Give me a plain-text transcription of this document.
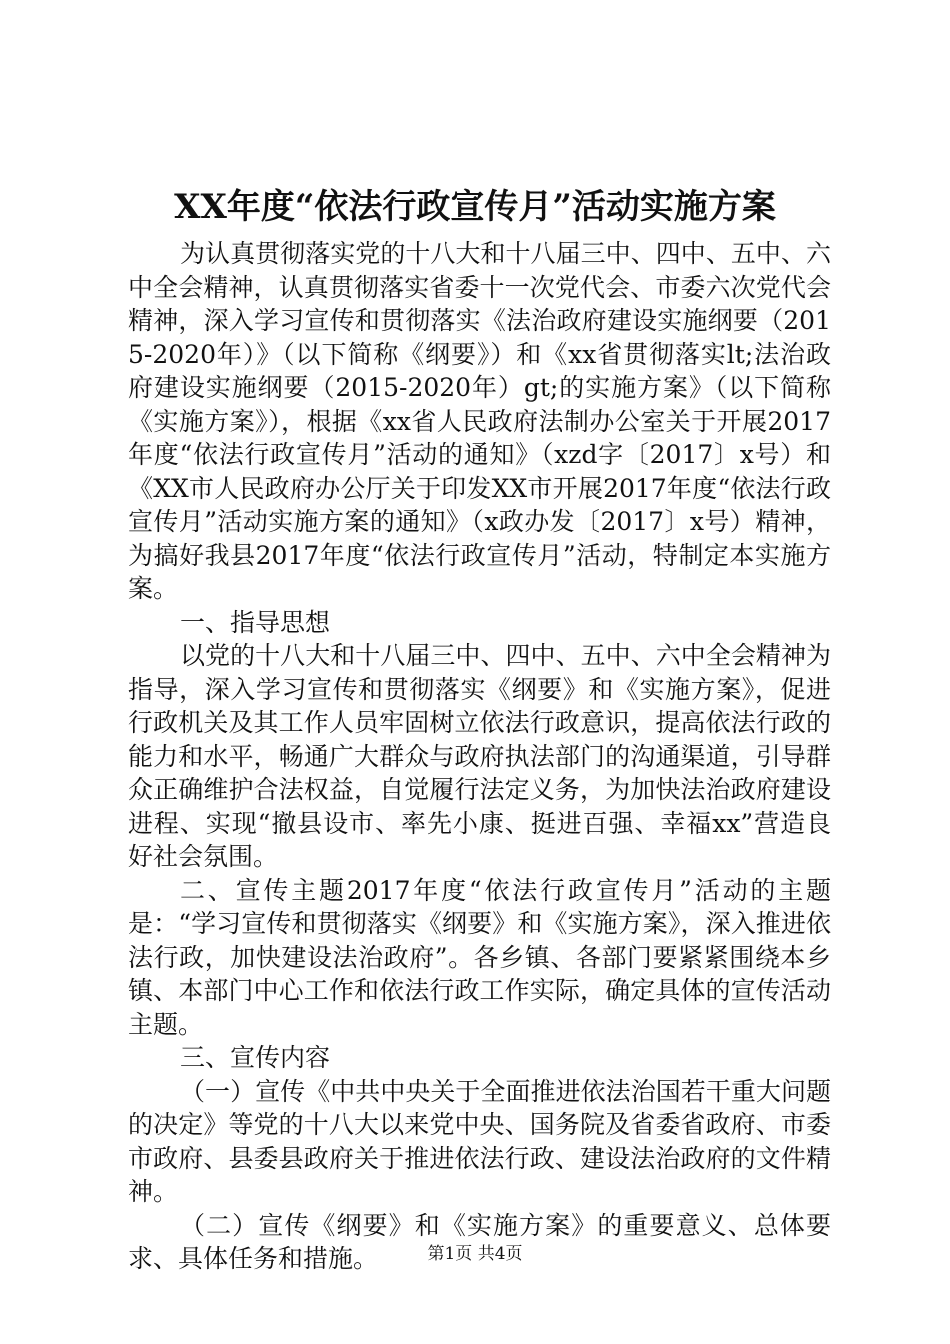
XX年度“依法行政宣传月”活动实施方案

为认真贯彻落实党的十八大和十八届三中、四中、五中、六中全会精神，认真贯彻落实省委十一次党代会、市委六次党代会精神，深入学习宣传和贯彻落实《法治政府建设实施纲要（2015-2020年）》（以下简称《纲要》）和《xx省贯彻落实lt;法治政府建设实施纲要（2015-2020年）gt;的实施方案》（以下简称《实施方案》），根据《xx省人民政府法制办公室关于开展2017年度“依法行政宣传月”活动的通知》（xzd字〔2017〕x号）和《XX市人民政府办公厅关于印发XX市开展2017年度“依法行政宣传月”活动实施方案的通知》（x政办发〔2017〕x号）精神，为搞好我县2017年度“依法行政宣传月”活动，特制定本实施方案。

一、指导思想

以党的十八大和十八届三中、四中、五中、六中全会精神为指导，深入学习宣传和贯彻落实《纲要》和《实施方案》，促进行政机关及其工作人员牢固树立依法行政意识，提高依法行政的能力和水平，畅通广大群众与政府执法部门的沟通渠道，引导群众正确维护合法权益，自觉履行法定义务，为加快法治政府建设进程、实现“撤县设市、率先小康、挺进百强、幸福xx”营造良好社会氛围。

二、宣传主题2017年度“依法行政宣传月”活动的主题是：“学习宣传和贯彻落实《纲要》和《实施方案》，深入推进依法行政，加快建设法治政府”。各乡镇、各部门要紧紧围绕本乡镇、本部门中心工作和依法行政工作实际，确定具体的宣传活动主题。

三、宣传内容

（一）宣传《中共中央关于全面推进依法治国若干重大问题的决定》等党的十八大以来党中央、国务院及省委省政府、市委市政府、县委县政府关于推进依法行政、建设法治政府的文件精神。

（二）宣传《纲要》和《实施方案》的重要意义、总体要求、具体任务和措施。	第1页 共4页
